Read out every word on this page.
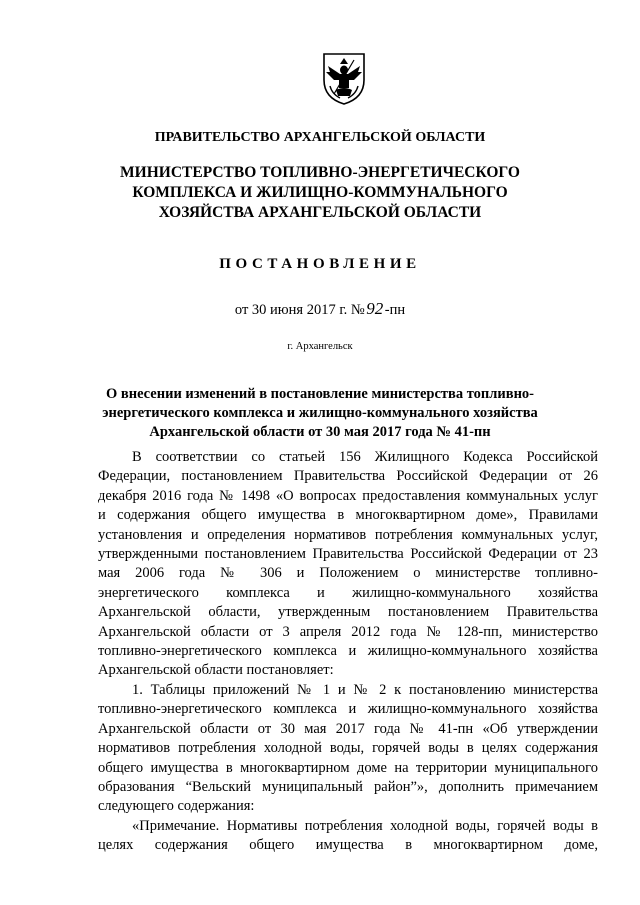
ПРАВИТЕЛЬСТВО АРХАНГЕЛЬСКОЙ ОБЛАСТИ
МИНИСТЕРСТВО ТОПЛИВНО-ЭНЕРГЕТИЧЕСКОГО
КОМПЛЕКСА И ЖИЛИЩНО-КОММУНАЛЬНОГО
ХОЗЯЙСТВА АРХАНГЕЛЬСКОЙ ОБЛАСТИ
ПОСТАНОВЛЕНИЕ
от 30 июня 2017 г. №92 -пн
г. Архангельск
О внесении изменений в постановление министерства топливно-
энергетического комплекса и жилищно-коммунального хозяйства
Архангельской области от 30 мая 2017 года № 41-пн
В соответствии со статьей 156 Жилищного Кодекса Российской
Федерации, постановлением Правительства Российской Федерации от 26
декабря 2016 года № 1498 «О вопросах предоставления коммунальных услуг
и содержания общего имущества в многоквартирном доме», Правилами
установления и определения нормативов потребления коммунальных услуг,
утвержденными постановлением Правительства Российской Федерации от 23
мая 2006 года № 306 и Положением о министерстве топливно-
энергетического комплекса и жилищно-коммунального хозяйства
Архангельской области, утвержденным постановлением Правительства
Архангельской области от 3 апреля 2012 года № 128-пп, министерство
топливно-энергетического комплекса и жилищно-коммунального хозяйства
Архангельской области постановляет:
1. Таблицы приложений № 1 и № 2 к постановлению министерства
топливно-энергетического комплекса и жилищно-коммунального хозяйства
Архангельской области от 30 мая 2017 года № 41-пн «Об утверждении
нормативов потребления холодной воды, горячей воды в целях содержания
общего имущества в многоквартирном доме на территории муниципального
образования “Вельский муниципальный район”», дополнить примечанием
следующего содержания:
«Примечание. Нормативы потребления холодной воды, горячей воды в
целях содержания общего имущества в многоквартирном доме,
